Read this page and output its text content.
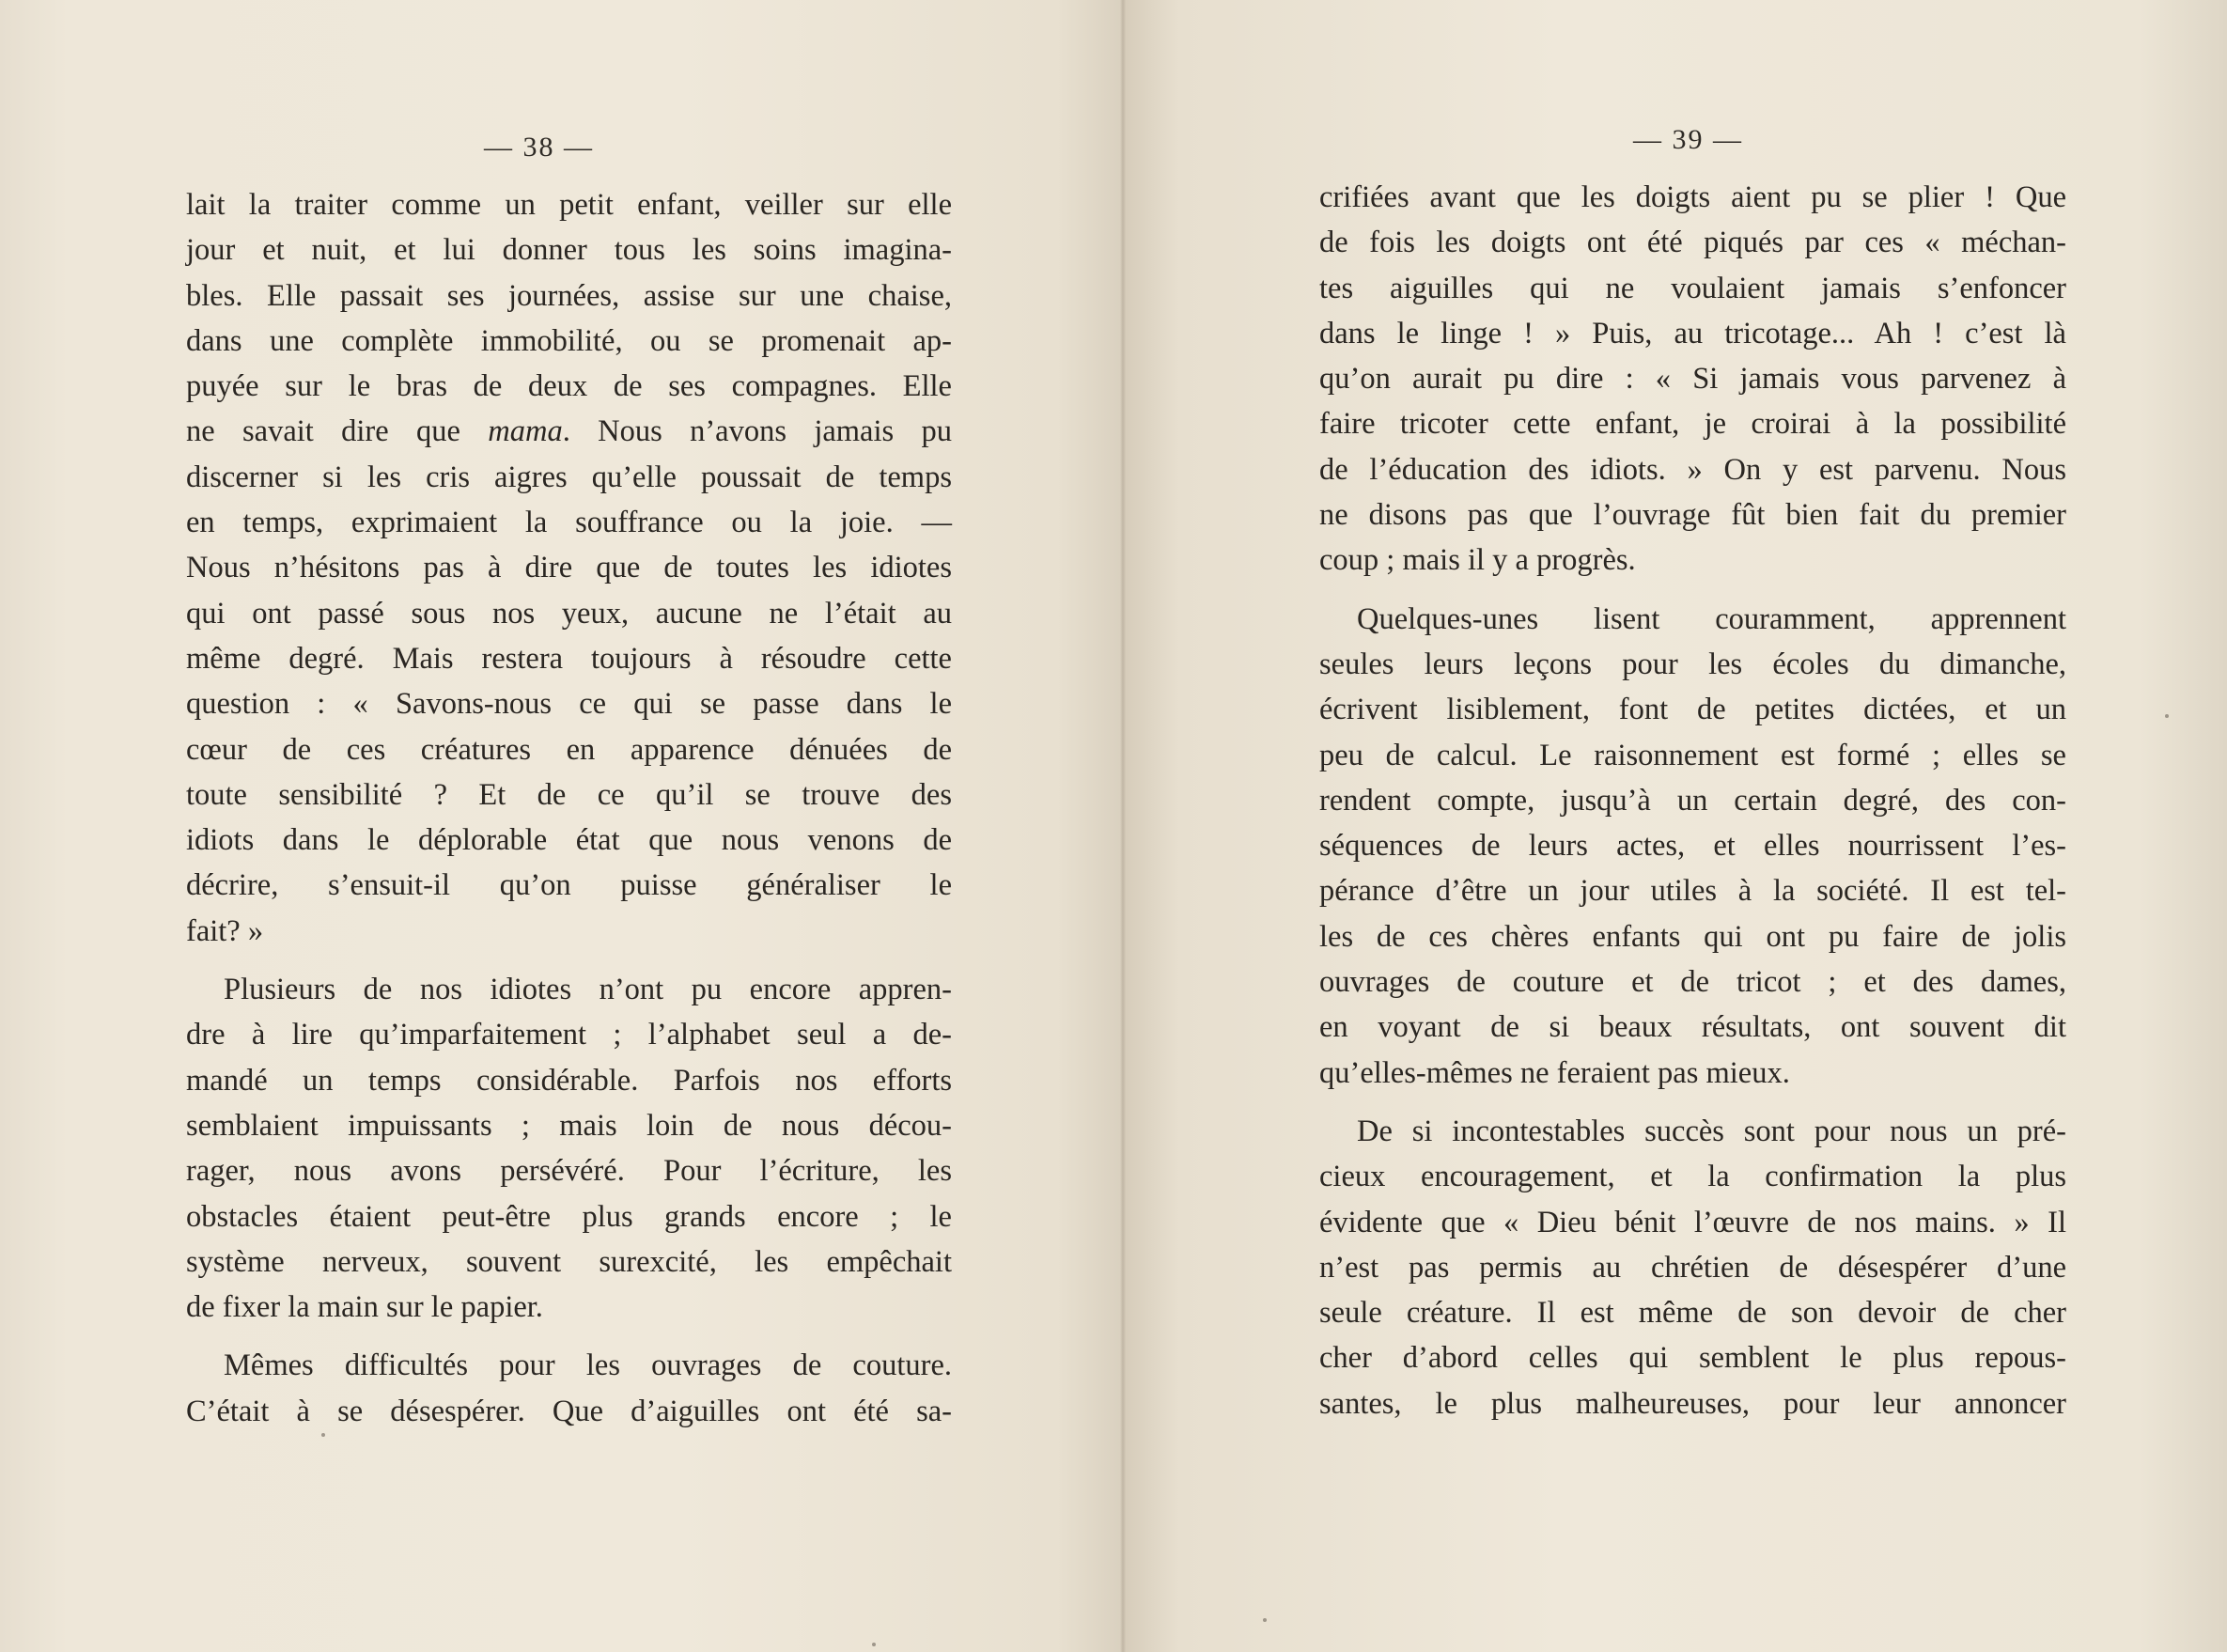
— 38 —
lait la traiter comme un petit enfant, veiller sur elle
jour et nuit, et lui donner tous les soins imagina-
bles. Elle passait ses journées, assise sur une chaise,
dans une complète immobilité, ou se promenait ap-
puyée sur le bras de deux de ses compagnes. Elle
ne savait dire que mama. Nous n’avons jamais pu
discerner si les cris aigres qu’elle poussait de temps
en temps, exprimaient la souffrance ou la joie. —
Nous n’hésitons pas à dire que de toutes les idiotes
qui ont passé sous nos yeux, aucune ne l’était au
même degré. Mais restera toujours à résoudre cette
question : « Savons-nous ce qui se passe dans le
cœur de ces créatures en apparence dénuées de
toute sensibilité ? Et de ce qu’il se trouve des
idiots dans le déplorable état que nous venons de
décrire, s’ensuit-il qu’on puisse généraliser le
fait? »
Plusieurs de nos idiotes n’ont pu encore appren-
dre à lire qu’imparfaitement ; l’alphabet seul a de-
mandé un temps considérable. Parfois nos efforts
semblaient impuissants ; mais loin de nous décou-
rager, nous avons persévéré. Pour l’écriture, les
obstacles étaient peut-être plus grands encore ; le
système nerveux, souvent surexcité, les empêchait
de fixer la main sur le papier.
Mêmes difficultés pour les ouvrages de couture.
C’était à se désespérer. Que d’aiguilles ont été sa-
— 39 —
crifiées avant que les doigts aient pu se plier ! Que
de fois les doigts ont été piqués par ces « méchan-
tes aiguilles qui ne voulaient jamais s’enfoncer
dans le linge ! » Puis, au tricotage... Ah ! c’est là
qu’on aurait pu dire : « Si jamais vous parvenez à
faire tricoter cette enfant, je croirai à la possibilité
de l’éducation des idiots. » On y est parvenu. Nous
ne disons pas que l’ouvrage fût bien fait du premier
coup ; mais il y a progrès.
Quelques-unes lisent couramment, apprennent
seules leurs leçons pour les écoles du dimanche,
écrivent lisiblement, font de petites dictées, et un
peu de calcul. Le raisonnement est formé ; elles se
rendent compte, jusqu’à un certain degré, des con-
séquences de leurs actes, et elles nourrissent l’es-
pérance d’être un jour utiles à la société. Il est tel-
les de ces chères enfants qui ont pu faire de jolis
ouvrages de couture et de tricot ; et des dames,
en voyant de si beaux résultats, ont souvent dit
qu’elles-mêmes ne feraient pas mieux.
De si incontestables succès sont pour nous un pré-
cieux encouragement, et la confirmation la plus
évidente que « Dieu bénit l’œuvre de nos mains. » Il
n’est pas permis au chrétien de désespérer d’une
seule créature. Il est même de son devoir de cher
cher d’abord celles qui semblent le plus repous-
santes, le plus malheureuses, pour leur annoncer
